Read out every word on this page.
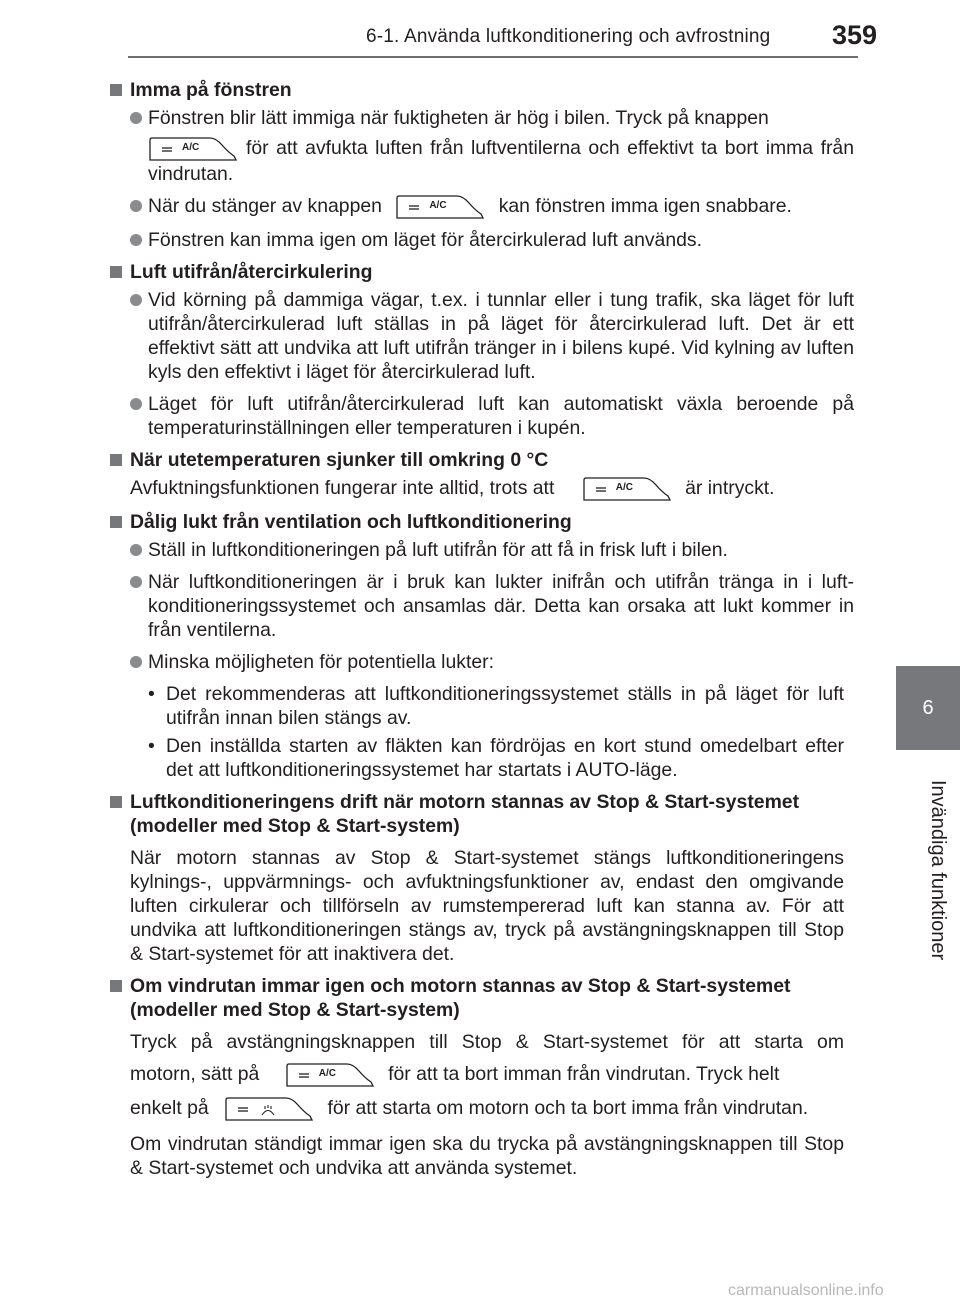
6-1. Använda luftkonditionering och avfrostning 359
6
Invändiga funktioner
Imma på fönstren
Fönstren blir lätt immiga när fuktigheten är hög i bilen. Tryck på knappen
A/C för att avfukta luften från luftventilerna och effektivt ta bort imma från vindrutan.
När du stänger av knappen	A/C	kan fönstren imma igen snabbare.
Fönstren kan imma igen om läget för återcirkulerad luft används.
Luft utifrån/återcirkulering
Vid körning på dammiga vägar, t.ex. i tunnlar eller i tung trafik, ska läget för luft utifrån/återcirkulerad luft ställas in på läget för återcirkulerad luft. Det är ett effektivt sätt att undvika att luft utifrån tränger in i bilens kupé. Vid kylning av luften kyls den effektivt i läget för återcirkulerad luft.
Läget för luft utifrån/återcirkulerad luft kan automatiskt växla beroende på temperaturinställningen eller temperaturen i kupén.
När utetemperaturen sjunker till omkring 0 °C
Avfuktningsfunktionen fungerar inte alltid, trots att	A/C	är intryckt.
Dålig lukt från ventilation och luftkonditionering
Ställ in luftkonditioneringen på luft utifrån för att få in frisk luft i bilen.
När luftkonditioneringen är i bruk kan lukter inifrån och utifrån tränga in i luft-konditioneringssystemet och ansamlas där. Detta kan orsaka att lukt kommer in från ventilerna.
Minska möjligheten för potentiella lukter:
• Det rekommenderas att luftkonditioneringssystemet ställs in på läget för luft utifrån innan bilen stängs av.
• Den inställda starten av fläkten kan fördröjas en kort stund omedelbart efter det att luftkonditioneringssystemet har startats i AUTO-läge.
Luftkonditioneringens drift när motorn stannas av Stop & Start-systemet (modeller med Stop & Start-system)
När motorn stannas av Stop & Start-systemet stängs luftkonditioneringens kylnings-, uppvärmnings- och avfuktningsfunktioner av, endast den omgivande luften cirkulerar och tillförseln av rumstempererad luft kan stanna av. För att undvika att luftkonditioneringen stängs av, tryck på avstängningsknappen till Stop & Start-systemet för att inaktivera det.
Om vindrutan immar igen och motorn stannas av Stop & Start-systemet (modeller med Stop & Start-system)
Tryck på avstängningsknappen till Stop & Start-systemet för att starta om
motorn, sätt på	A/C	för att ta bort imman från vindrutan. Tryck helt
enkelt på	för att starta om motorn och ta bort imma från vindrutan.
Om vindrutan ständigt immar igen ska du trycka på avstängningsknappen till Stop & Start-systemet och undvika att använda systemet.
carmanualsonline.info
